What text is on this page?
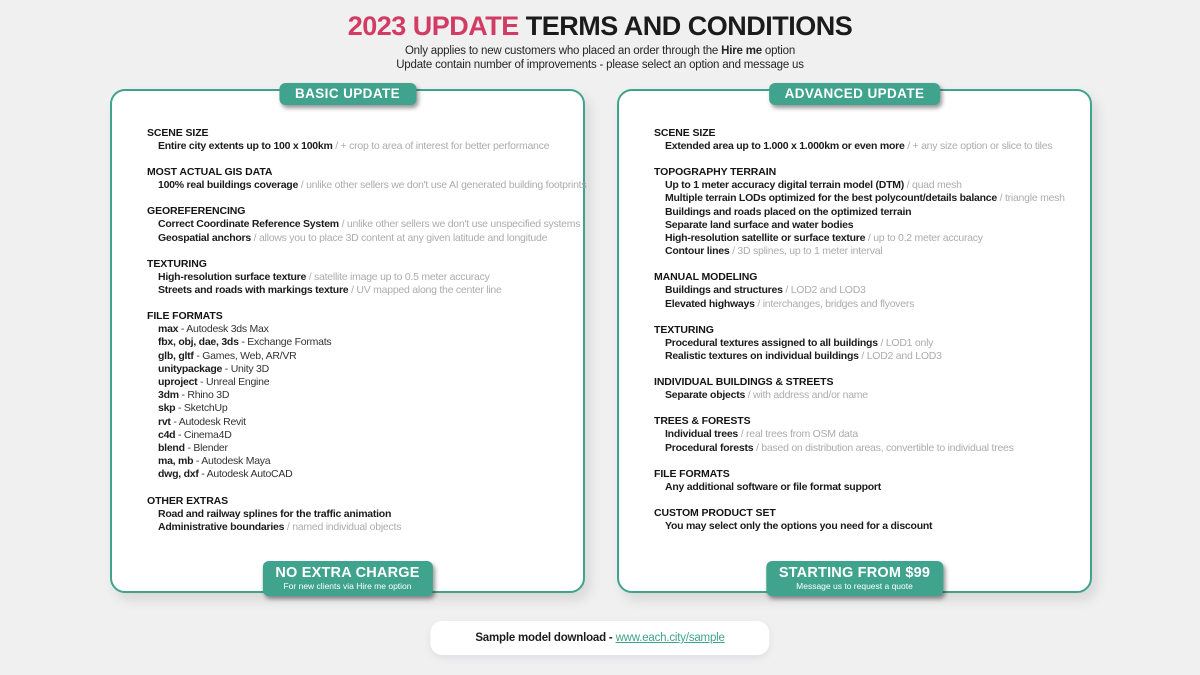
2023 UPDATE TERMS AND CONDITIONS
Only applies to new customers who placed an order through the Hire me option
Update contain number of improvements - please select an option and message us
BASIC UPDATE
SCENE SIZE
Entire city extents up to 100 x 100km / + crop to area of interest for better performance
MOST ACTUAL GIS DATA
100% real buildings coverage / unlike other sellers we don't use AI generated building footprints
GEOREFERENCING
Correct Coordinate Reference System / unlike other sellers we don't use unspecified systems
Geospatial anchors / allows you to place 3D content at any given latitude and longitude
TEXTURING
High-resolution surface texture / satellite image up to 0.5 meter accuracy
Streets and roads with markings texture / UV mapped along the center line
FILE FORMATS
max - Autodesk 3ds Max
fbx, obj, dae, 3ds - Exchange Formats
glb, gltf - Games, Web, AR/VR
unitypackage - Unity 3D
uproject - Unreal Engine
3dm - Rhino 3D
skp - SketchUp
rvt - Autodesk Revit
c4d - Cinema4D
blend - Blender
ma, mb - Autodesk Maya
dwg, dxf - Autodesk AutoCAD
OTHER EXTRAS
Road and railway splines for the traffic animation
Administrative boundaries / named individual objects
NO EXTRA CHARGE
For new clients via Hire me option
ADVANCED UPDATE
SCENE SIZE
Extended area up to 1.000 x 1.000km or even more / + any size option or slice to tiles
TOPOGRAPHY TERRAIN
Up to 1 meter accuracy digital terrain model (DTM) / quad mesh
Multiple terrain LODs optimized for the best polycount/details balance / triangle mesh
Buildings and roads placed on the optimized terrain
Separate land surface and water bodies
High-resolution satellite or surface texture / up to 0.2 meter accuracy
Contour lines / 3D splines, up to 1 meter interval
MANUAL MODELING
Buildings and structures / LOD2 and LOD3
Elevated highways / interchanges, bridges and flyovers
TEXTURING
Procedural textures assigned to all buildings / LOD1 only
Realistic textures on individual buildings / LOD2 and LOD3
INDIVIDUAL BUILDINGS & STREETS
Separate objects / with address and/or name
TREES & FORESTS
Individual trees / real trees from OSM data
Procedural forests / based on distribution areas, convertible to individual trees
FILE FORMATS
Any additional software or file format support
CUSTOM PRODUCT SET
You may select only the options you need for a discount
STARTING FROM $99
Message us to request a quote
Sample model download - www.each.city/sample
